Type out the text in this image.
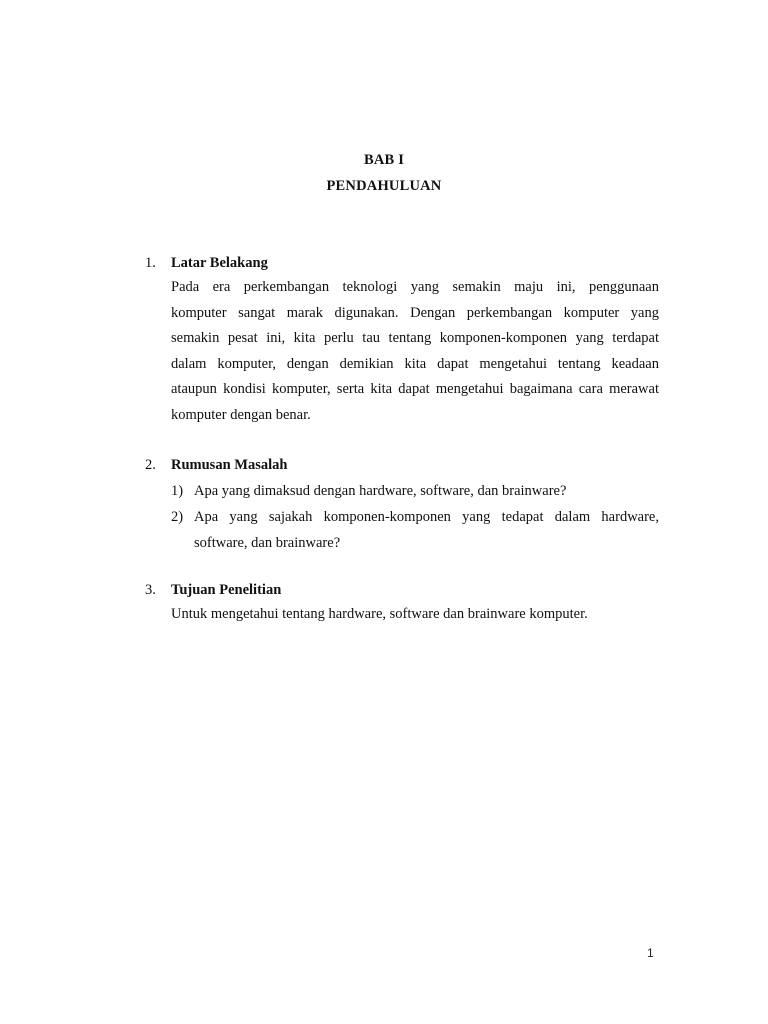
BAB I
PENDAHULUAN
1.	Latar Belakang
Pada era perkembangan teknologi yang semakin maju ini, penggunaan
komputer sangat marak digunakan. Dengan perkembangan komputer yang
semakin pesat ini, kita perlu tau tentang komponen-komponen yang terdapat
dalam komputer, dengan demikian kita dapat mengetahui tentang keadaan
ataupun kondisi komputer, serta kita dapat mengetahui bagaimana cara merawat
komputer dengan benar.
2.	Rumusan Masalah
1) Apa yang dimaksud dengan hardware, software, dan brainware?
2) Apa yang sajakah komponen-komponen yang tedapat dalam hardware,
software, dan brainware?
3.	Tujuan Penelitian
Untuk mengetahui tentang hardware, software dan brainware komputer.
1
